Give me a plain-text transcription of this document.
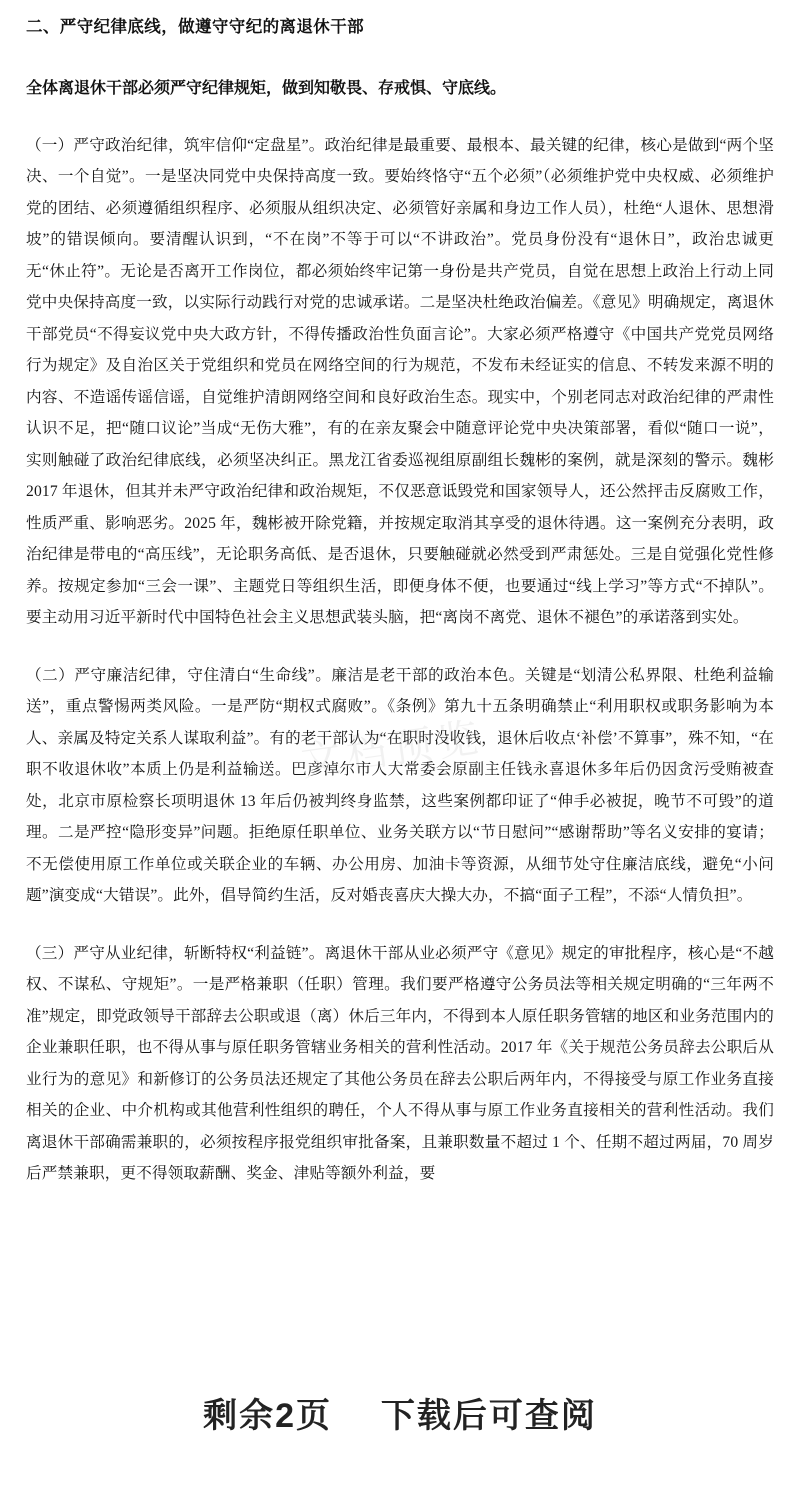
二、严守纪律底线，做遵守守纪的离退休干部

全体离退休干部必须严守纪律规矩，做到知敬畏、存戒惧、守底线。

（一）严守政治纪律，筑牢信仰“定盘星”。政治纪律是最重要、最根本、最关键的纪律，核心是做到“两个坚决、一个自觉”。一是坚决同党中央保持高度一致。要始终恪守“五个必须”（必须维护党中央权威、必须维护党的团结、必须遵循组织程序、必须服从组织决定、必须管好亲属和身边工作人员），杜绝“人退休、思想滑坡”的错误倾向。要清醒认识到，“不在岗”不等于可以“不讲政治”。党员身份没有“退休日”，政治忠诚更无“休止符”。无论是否离开工作岗位，都必须始终牢记第一身份是共产党员，自觉在思想上政治上行动上同党中央保持高度一致，以实际行动践行对党的忠诚承诺。二是坚决杜绝政治偏差。《意见》明确规定，离退休干部党员“不得妄议党中央大政方针，不得传播政治性负面言论”。大家必须严格遵守《中国共产党党员网络行为规定》及自治区关于党组织和党员在网络空间的行为规范，不发布未经证实的信息、不转发来源不明的内容、不造谣传谣信谣，自觉维护清朗网络空间和良好政治生态。现实中，个别老同志对政治纪律的严肃性认识不足，把“随口议论”当成“无伤大雅”，有的在亲友聚会中随意评论党中央决策部署，看似“随口一说”，实则触碰了政治纪律底线，必须坚决纠正。黑龙江省委巡视组原副组长魏彬的案例，就是深刻的警示。魏彬 2017 年退休，但其并未严守政治纪律和政治规矩，不仅恶意诋毁党和国家领导人，还公然抨击反腐败工作，性质严重、影响恶劣。2025 年，魏彬被开除党籍，并按规定取消其享受的退休待遇。这一案例充分表明，政治纪律是带电的“高压线”，无论职务高低、是否退休，只要触碰就必然受到严肃惩处。三是自觉强化党性修养。按规定参加“三会一课”、主题党日等组织生活，即便身体不便，也要通过“线上学习”等方式“不掉队”。要主动用习近平新时代中国特色社会主义思想武装头脑，把“离岗不离党、退休不褪色”的承诺落到实处。

文档预览

（二）严守廉洁纪律，守住清白“生命线”。廉洁是老干部的政治本色。关键是“划清公私界限、杜绝利益输送”，重点警惕两类风险。一是严防“期权式腐败”。《条例》第九十五条明确禁止“利用职权或职务影响为本人、亲属及特定关系人谋取利益”。有的老干部认为“在职时没收钱，退休后收点‘补偿’不算事”，殊不知，“在职不收退休收”本质上仍是利益输送。巴彦淖尔市人大常委会原副主任钱永喜退休多年后仍因贪污受贿被查处，北京市原检察长项明退休 13 年后仍被判终身监禁，这些案例都印证了“伸手必被捉，晚节不可毁”的道理。二是严控“隐形变异”问题。拒绝原任职单位、业务关联方以“节日慰问”“感谢帮助”等名义安排的宴请；不无偿使用原工作单位或关联企业的车辆、办公用房、加油卡等资源，从细节处守住廉洁底线，避免“小问题”演变成“大错误”。此外，倡导简约生活，反对婚丧喜庆大操大办，不搞“面子工程”，不添“人情负担”。

（三）严守从业纪律，斩断特权“利益链”。离退休干部从业必须严守《意见》规定的审批程序，核心是“不越权、不谋私、守规矩”。一是严格兼职（任职）管理。我们要严格遵守公务员法等相关规定明确的“三年两不准”规定，即党政领导干部辞去公职或退（离）休后三年内，不得到本人原任职务管辖的地区和业务范围内的企业兼职任职，也不得从事与原任职务管辖业务相关的营利性活动。2017 年《关于规范公务员辞去公职后从业行为的意见》和新修订的公务员法还规定了其他公务员在辞去公职后两年内，不得接受与原工作业务直接相关的企业、中介机构或其他营利性组织的聘任，个人不得从事与原工作业务直接相关的营利性活动。我们离退休干部确需兼职的，必须按程序报党组织审批备案，且兼职数量不超过 1 个、任期不超过两届，70 周岁后严禁兼职，更不得领取薪酬、奖金、津贴等额外利益，要

剩余2页 下载后可查阅
